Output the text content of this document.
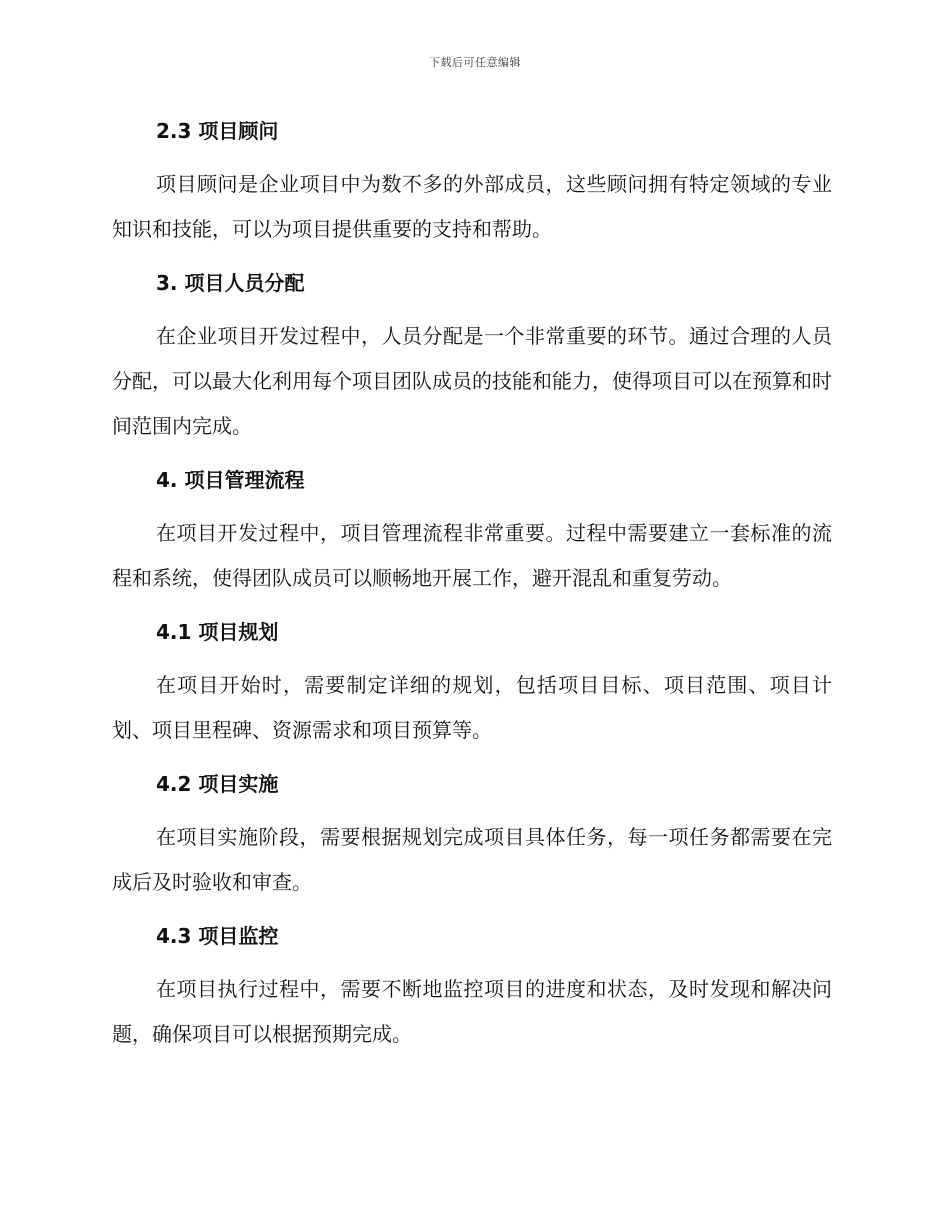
下载后可任意编辑
2.3 项目顾问

项目顾问是企业项目中为数不多的外部成员，这些顾问拥有特定领域的专业知识和技能，可以为项目提供重要的支持和帮助。

3. 项目人员分配

在企业项目开发过程中，人员分配是一个非常重要的环节。通过合理的人员分配，可以最大化利用每个项目团队成员的技能和能力，使得项目可以在预算和时间范围内完成。

4. 项目管理流程

在项目开发过程中，项目管理流程非常重要。过程中需要建立一套标准的流程和系统，使得团队成员可以顺畅地开展工作，避开混乱和重复劳动。

4.1 项目规划

在项目开始时，需要制定详细的规划，包括项目目标、项目范围、项目计划、项目里程碑、资源需求和项目预算等。

4.2 项目实施

在项目实施阶段，需要根据规划完成项目具体任务，每一项任务都需要在完成后及时验收和审查。

4.3 项目监控

在项目执行过程中，需要不断地监控项目的进度和状态，及时发现和解决问题，确保项目可以根据预期完成。
